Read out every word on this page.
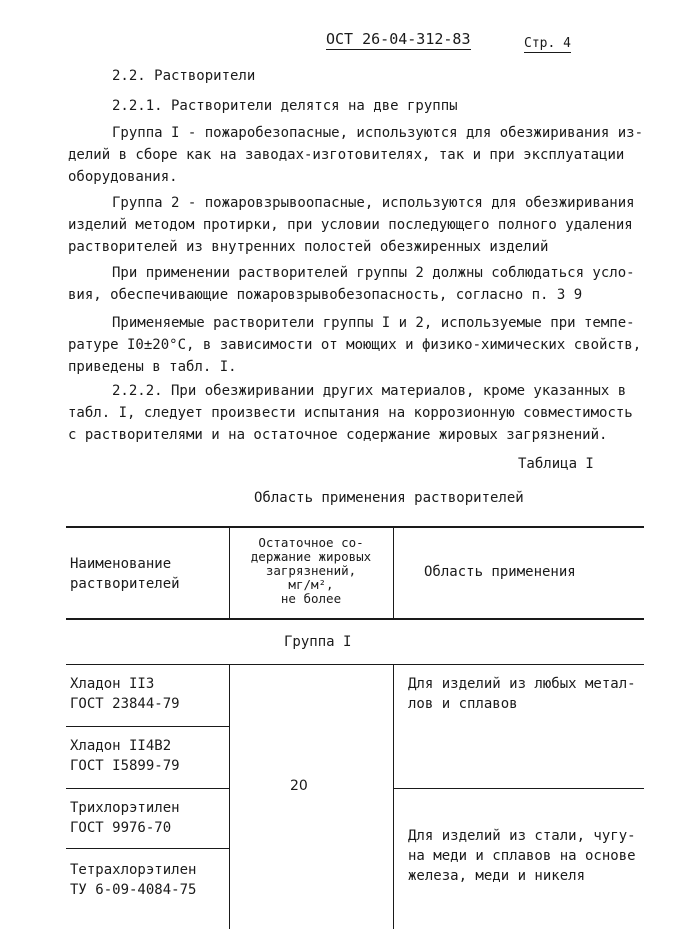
ОСТ 26-04-312-83	Стр. 4
2.2. Растворители
2.2.1. Растворители делятся на две группы
Группа I - пожаробезопасные, используются для обезжиривания из-
делий в сборе как на заводах-изготовителях, так и при эксплуатации
оборудования.
Группа 2 - пожаровзрывоопасные, используются для обезжиривания
изделий методом протирки, при условии последующего полного удаления
растворителей из внутренних полостей обезжиренных изделий
При применении растворителей группы 2 должны соблюдаться усло-
вия, обеспечивающие пожаровзрывобезопасность, согласно п. 3 9
Применяемые растворители группы I и 2, используемые при темпе-
ратуре I0±20°С, в зависимости от моющих и физико-химических свойств,
приведены в табл. I.
2.2.2. При обезжиривании других материалов, кроме указанных в
табл. I, следует произвести испытания на коррозионную совместимость
с растворителями и на остаточное содержание жировых загрязнений.
Таблица I
Область применения растворителей
Наименование
растворителей
Остаточное со-
держание жировых
загрязнений,
мг/м²,
не более
Область применения
Группа I
Хладон II3
ГОСТ 23844-79
Хладон II4В2
ГОСТ I5899-79
Трихлорэтилен
ГОСТ 9976-70
Тетрахлорэтилен
ТУ 6-09-4084-75
20
Для изделий из любых метал-
лов и сплавов
Для изделий из стали, чугу-
на меди и сплавов на основе
железа, меди и никеля
